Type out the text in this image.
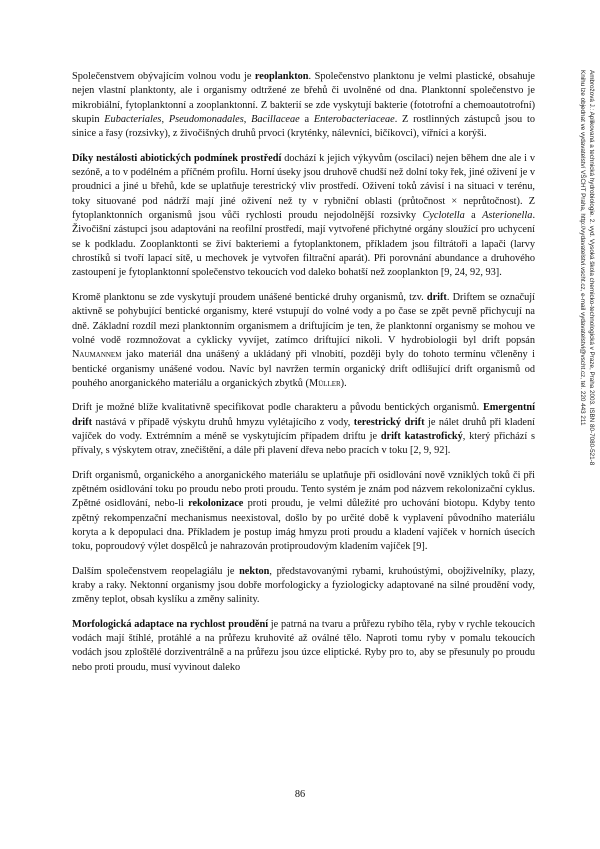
Společenstvem obývajícím volnou vodu je reoplankton. Společenstvo planktonu je velmi plastické, obsahuje nejen vlastní planktonty, ale i organismy odtržené ze břehů či uvolněné od dna. Planktonní společenstvo je mikrobiální, fytoplanktonní a zooplanktonní. Z bakterií se zde vyskytují bakterie (fototrofní a chemoautotrofní) skupin Eubacteriales, Pseudomonadales, Bacillaceae a Enterobacteriaceae. Z rostlinných zástupců jsou to sinice a řasy (rozsivky), z živočišných druhů prvoci (kryténky, nálevníci, bičíkovci), vířníci a korýši.

Díky nestálosti abiotických podmínek prostředí dochází k jejich výkyvům (oscilaci) nejen během dne ale i v sezóně, a to v podélném a příčném profilu. Horní úseky jsou druhově chudší než dolní toky řek, jiné oživení je v proudnici a jiné u břehů, kde se uplatňuje terestrický vliv prostředí. Oživení toků závisí i na situaci v terénu, toky situované pod nádrží mají jiné oživení než ty v rybniční oblasti (průtočnost × neprůtočnost). Z fytoplanktonních organismů jsou vůči rychlosti proudu nejodolnější rozsivky Cyclotella a Asterionella. Živočišní zástupci jsou adaptováni na reofilní prostředí, mají vytvořené přichytné orgány sloužící pro uchycení se k podkladu. Zooplanktonti se živí bakteriemi a fytoplanktonem, příkladem jsou filtrátoři a lapači (larvy chrostíků si tvoří lapací sítě, u mechovek je vytvořen filtrační aparát). Při porovnání abundance a druhového zastoupení je fytoplanktonní společenstvo tekoucích vod daleko bohatší než zooplankton [9, 24, 92, 93].

Kromě planktonu se zde vyskytují proudem unášené bentické druhy organismů, tzv. drift. Driftem se označují aktivně se pohybující bentické organismy, které vstupují do volné vody a po čase se zpět pevně přichycují na dně. Základní rozdíl mezi planktonním organismem a driftujícím je ten, že planktonní organismy se mohou ve volné vodě rozmnožovat a cyklicky vyvíjet, zatímco driftující nikoli. V hydrobiologii byl drift popsán Naumannem jako materiál dna unášený a ukládaný při vlnobití, později byly do tohoto termínu včleněny i bentické organismy unášené vodou. Navíc byl navržen termín organický drift odlišující drift organismů od pouhého anorganického materiálu a organických zbytků (Müller).

Drift je možné blíže kvalitativně specifikovat podle charakteru a původu bentických organismů. Emergentní drift nastává v případě výskytu druhů hmyzu vylétajícího z vody, terestrický drift je nálet druhů při kladení vajíček do vody. Extrémním a méně se vyskytujícím případem driftu je drift katastrofický, který přichází s přívaly, s výskytem otrav, znečištění, a dále při plavení dřeva nebo pracích v toku [2, 9, 92].

Drift organismů, organického a anorganického materiálu se uplatňuje při osidlování nově vzniklých toků či při zpětném osidlování toku po proudu nebo proti proudu. Tento systém je znám pod názvem rekolonizační cyklus. Zpětné osidlování, nebo-li rekolonizace proti proudu, je velmi důležité pro uchování biotopu. Kdyby tento zpětný rekompenzační mechanismus neexistoval, došlo by po určité době k vyplavení původního materiálu koryta a k depopulaci dna. Příkladem je postup imág hmyzu proti proudu a kladení vajíček v horních úsecích toku, poproudový výlet dospělců je nahrazován protiproudovým kladením vajíček [9].

Dalším společenstvem reopelagiálu je nekton, představovanými rybami, kruhoústými, obojživelníky, plazy, kraby a raky. Nektonní organismy jsou dobře morfologicky a fyziologicky adaptované na silné proudění vody, změny teplot, obsah kyslíku a změny salinity.

Morfologická adaptace na rychlost proudění je patrná na tvaru a průřezu rybího těla, ryby v rychle tekoucích vodách mají štíhlé, protáhlé a na průřezu kruhovité až oválné tělo. Naproti tomu ryby v pomalu tekoucích vodách jsou zploštělé dorziventrálně a na průřezu jsou úzce eliptické. Ryby pro to, aby se přesunuly po proudu nebo proti proudu, musí vyvinout daleko

86
Ambrožová J.: Aplikovaná a technická hydrobiologie. 2. vyd. Vysoká škola chemicko-technologická v Praze, Praha 2003. ISBN 80-7080-521-8
Knihu lze objednat ve vydavatelství VŠCHT Praha, http://vydavatelstvi.vscht.cz, e-mail vydavatelstvi@vscht.cz, tel. 220 443 211
